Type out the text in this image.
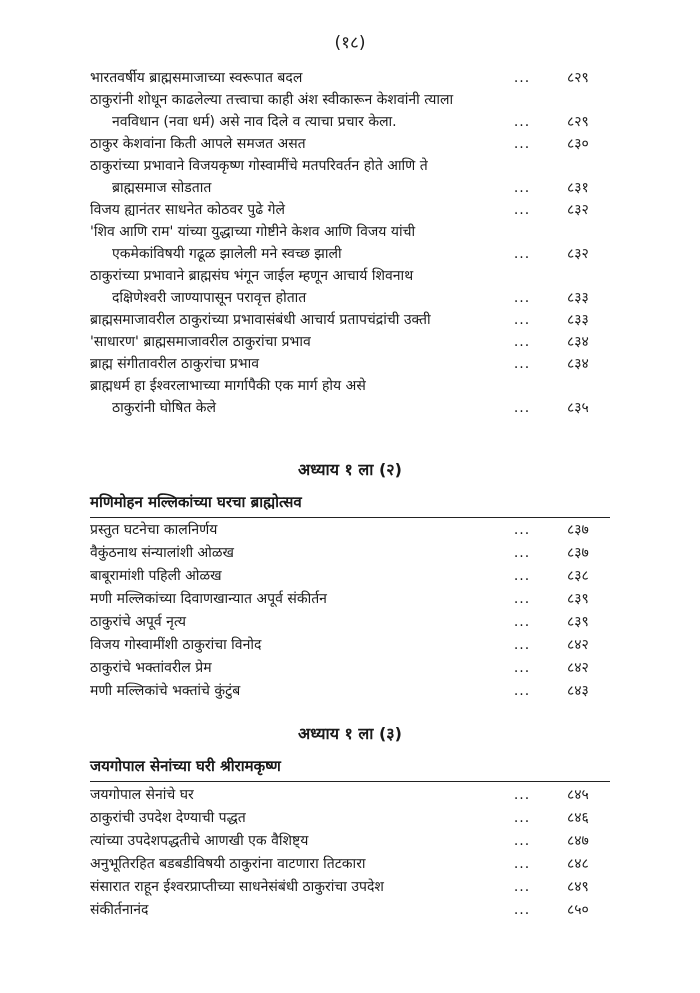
(१८)
भारतवर्षीय ब्राह्मसमाजाच्या स्वरूपात बदल	...	८२९
ठाकुरांनी शोधून काढलेल्या तत्त्वाचा काही अंश स्वीकारून केशवांनी त्याला
नवविधान (नवा धर्म) असे नाव दिले व त्याचा प्रचार केला.	...	८२९
ठाकुर केशवांना किती आपले समजत असत	...	८३०
ठाकुरांच्या प्रभावाने विजयकृष्ण गोस्वामींचे मतपरिवर्तन होते आणि ते
ब्राह्मसमाज सोडतात	...	८३१
विजय ह्यानंतर साधनेत कोठवर पुढे गेले	...	८३२
'शिव आणि राम' यांच्या युद्धाच्या गोष्टीने केशव आणि विजय यांची
एकमेकांविषयी गढूळ झालेली मने स्वच्छ झाली	...	८३२
ठाकुरांच्या प्रभावाने ब्राह्मसंघ भंगून जाईल म्हणून आचार्य शिवनाथ
दक्षिणेश्वरी जाण्यापासून परावृत्त होतात	...	८३३
ब्राह्मसमाजावरील ठाकुरांच्या प्रभावासंबंधी आचार्य प्रतापचंद्रांची उक्ती	...	८३३
'साधारण' ब्राह्मसमाजावरील ठाकुरांचा प्रभाव	...	८३४
ब्राह्म संगीतावरील ठाकुरांचा प्रभाव	...	८३४
ब्राह्मधर्म हा ईश्वरलाभाच्या मार्गापैकी एक मार्ग होय असे
ठाकुरांनी घोषित केले	...	८३५
अध्याय १ ला (२)
मणिमोहन मल्लिकांच्या घरचा ब्राह्मोत्सव
प्रस्तुत घटनेचा कालनिर्णय	...	८३७
वैकुंठनाथ संन्यालांशी ओळख	...	८३७
बाबूरामांशी पहिली ओळख	...	८३८
मणी मल्लिकांच्या दिवाणखान्यात अपूर्व संकीर्तन	...	८३९
ठाकुरांचे अपूर्व नृत्य	...	८३९
विजय गोस्वामींशी ठाकुरांचा विनोद	...	८४२
ठाकुरांचे भक्तांवरील प्रेम	...	८४२
मणी मल्लिकांचे भक्तांचे कुंटुंब	...	८४३
अध्याय १ ला (३)
जयगोपाल सेनांच्या घरी श्रीरामकृष्ण
जयगोपाल सेनांचे घर	...	८४५
ठाकुरांची उपदेश देण्याची पद्धत	...	८४६
त्यांच्या उपदेशपद्धतीचे आणखी एक वैशिष्ट्य	...	८४७
अनुभूतिरहित बडबडीविषयी ठाकुरांना वाटणारा तिटकारा	...	८४८
संसारात राहून ईश्वरप्राप्तीच्या साधनेसंबंधी ठाकुरांचा उपदेश	...	८४९
संकीर्तनानंद	...	८५०
